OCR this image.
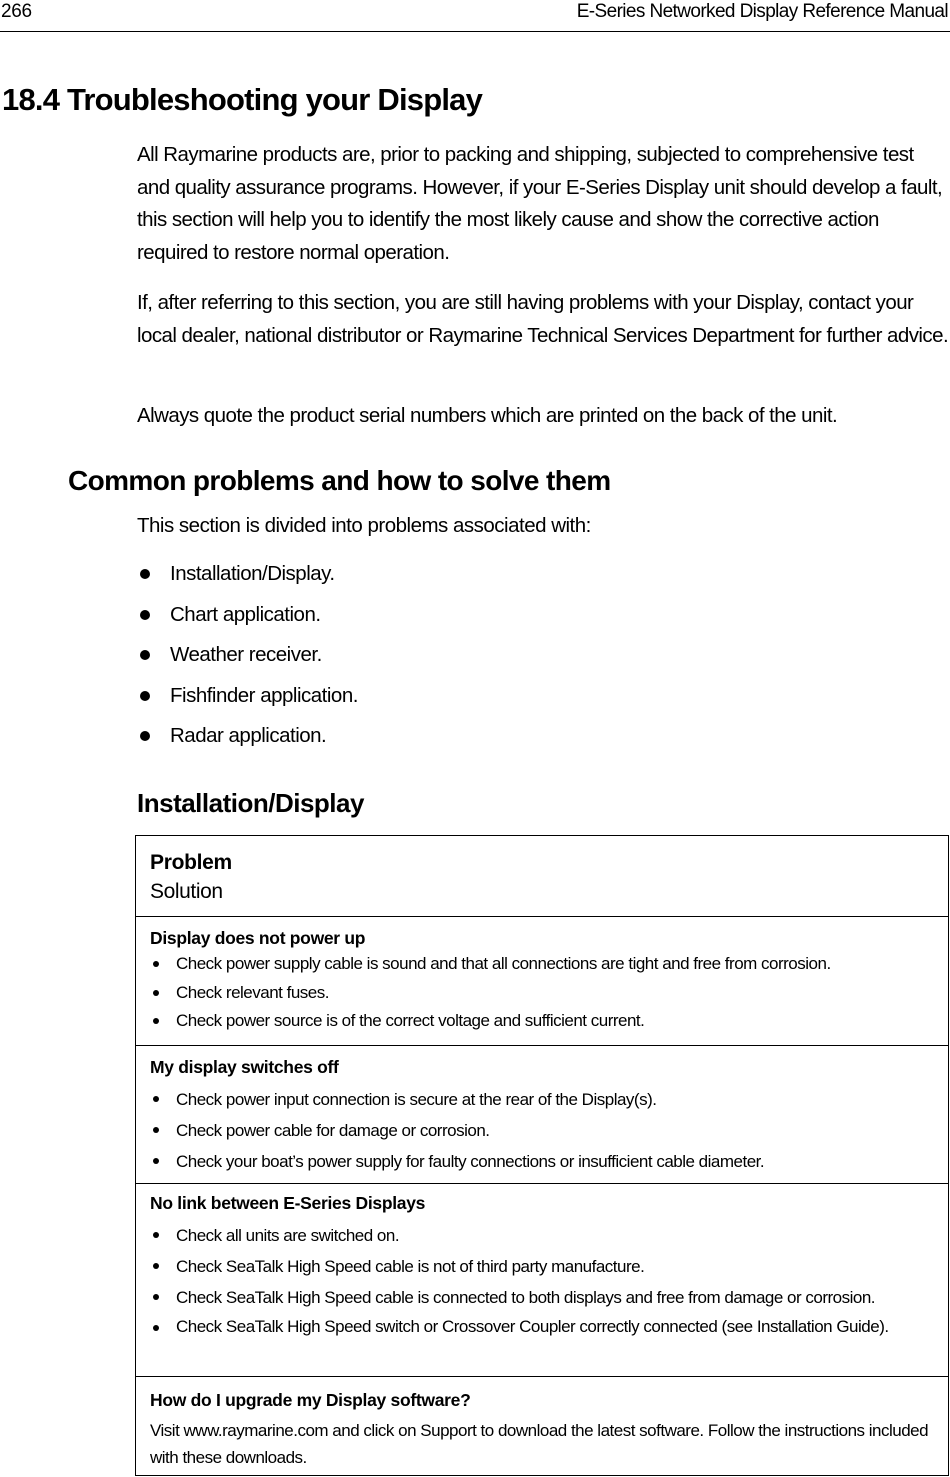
266	E-Series Networked Display Reference Manual
18.4 Troubleshooting your Display

All Raymarine products are, prior to packing and shipping, subjected to comprehensive test and quality assurance programs. However, if your E-Series Display unit should develop a fault, this section will help you to identify the most likely cause and show the corrective action required to restore normal operation.

If, after referring to this section, you are still having problems with your Display, contact your local dealer, national distributor or Raymarine Technical Services Department for further advice.

Always quote the product serial numbers which are printed on the back of the unit.

Common problems and how to solve them

This section is divided into problems associated with:

Installation/Display.
Chart application.
Weather receiver.
Fishfinder application.
Radar application.
Installation/Display
Problem
Solution
Display does not power up
Check power supply cable is sound and that all connections are tight and free from corrosion.
Check relevant fuses.
Check power source is of the correct voltage and sufficient current.
My display switches off
Check power input connection is secure at the rear of the Display(s).
Check power cable for damage or corrosion.
Check your boat’s power supply for faulty connections or insufficient cable diameter.
No link between E-Series Displays
Check all units are switched on.
Check SeaTalk High Speed cable is not of third party manufacture.
Check SeaTalk High Speed cable is connected to both displays and free from damage or corrosion.
Check SeaTalk High Speed switch or Crossover Coupler correctly connected (see Installation Guide).
How do I upgrade my Display software?

Visit www.raymarine.com and click on Support to download the latest software. Follow the instructions included with these downloads.
